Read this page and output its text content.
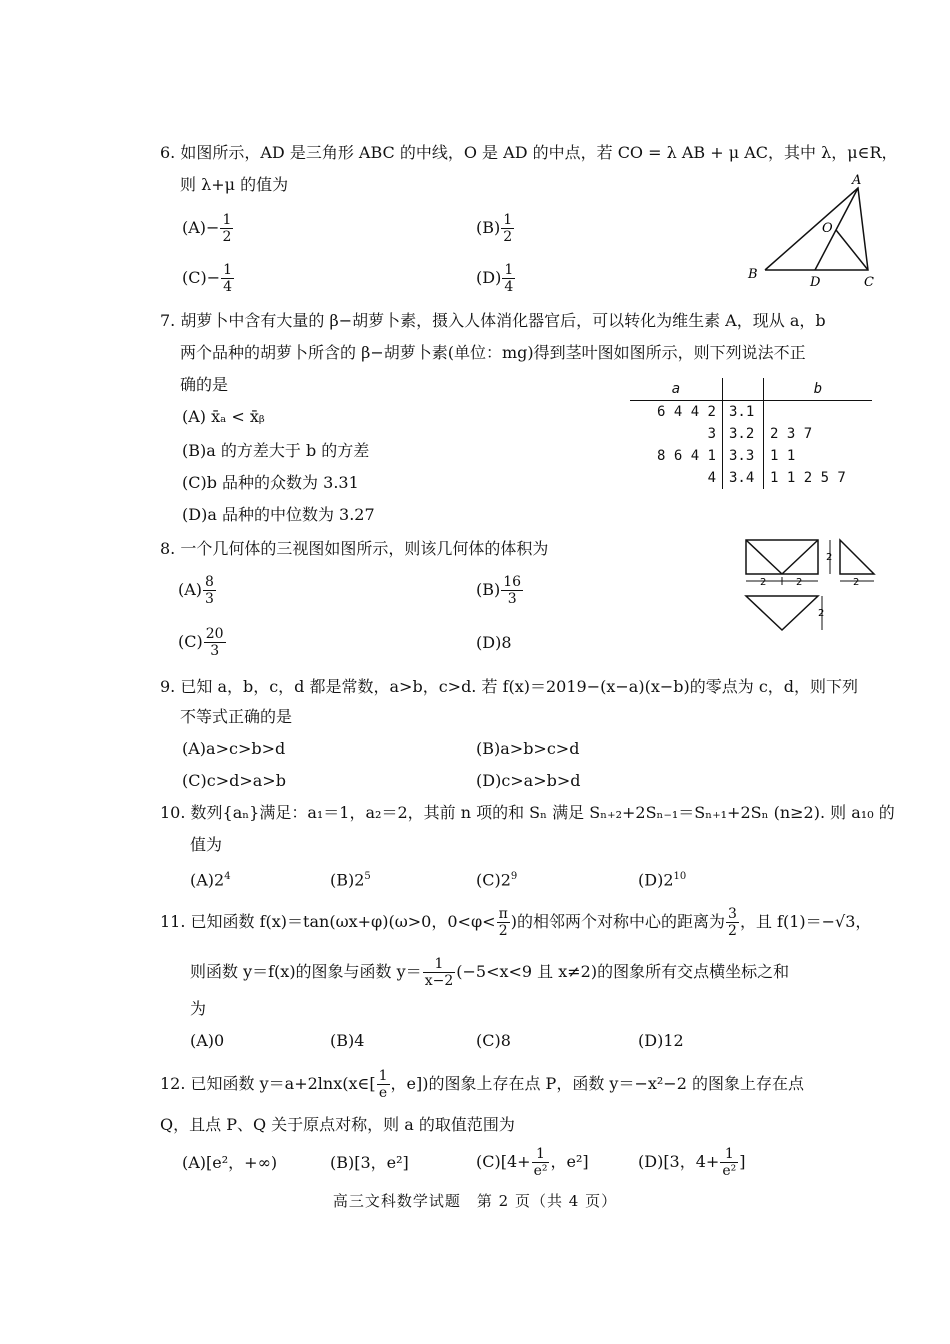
6. 如图所示，AD 是三角形 ABC 的中线，O 是 AD 的中点，若 CO = λ AB + μ AC，其中 λ，μ∈R，
则 λ+μ 的值为
$(A)- \frac{1}{2}$	$(B) \frac{1}{2}$
$(C)- \frac{1}{4}$	$(D) \frac{1}{4}$
A
O
B
D	C
7. 胡萝卜中含有大量的 β−胡萝卜素，摄入人体消化器官后，可以转化为维生素 A，现从 a，b
两个品种的胡萝卜所含的 β−胡萝卜素(单位：mg)得到茎叶图如图所示，则下列说法不正
确的是
(A) x̄ₐ < x̄ᵦ
(B)a 的方差大于 b 的方差
(C)b 品种的众数为 3.31
(D)a 品种的中位数为 3.27
a		b
6 4 4 2	3.1	
3	3.2	2 3 7
8 6 4 1	3.3	1 1
4	3.4	1 1 2 5 7
8. 一个几何体的三视图如图所示，则该几何体的体积为
$(A) \frac{8}{3}$	$(B) \frac{16}{3}$
$(C) \frac{20}{3}$	(D)8
2	2	2
2
2
9. 已知 a，b，c，d 都是常数，a>b，c>d. 若 f(x)＝2019−(x−a)(x−b)的零点为 c，d，则下列
不等式正确的是
(A)a>c>b>d	(B)a>b>c>d
(C)c>d>a>b	(D)c>a>b>d
10. 数列{aₙ}满足：a₁＝1，a₂＝2，其前 n 项的和 Sₙ 满足 Sₙ₊₂+2Sₙ₋₁＝Sₙ₊₁+2Sₙ (n≥2). 则 a₁₀ 的
值为
$(A)2^4$	$(B)2^5$	$(C)2^9$	$(D)2^{10}$
11. 已知函数 f(x)＝tan(ωx+φ)(ω>0，$0<\varphi< \frac{\pi}{2}$ )的相邻两个对称中心的距离为 $\frac{3}{2}$ ，且 f(1)＝−√3，
则函数 y＝f(x)的图象与函数 $y= \frac{1}{x-2} (-5<x<9$ 且 x≠2)的图象所有交点横坐标之和
为
(A)0	(B)4	(C)8	(D)12
12. 已知函数 y＝a+2lnx(x∈[ $\frac{1}{e}$ ，e])的图象上存在点 P，函数 y＝−x²−2 的图象上存在点
Q，且点 P、Q 关于原点对称，则 a 的取值范围为
(A)[e²，+∞)	(B)[3，e²]	$(C)[4+ \frac{1}{\text{e²}}$ ，e²]	(D)[3，$4+ \frac{1}{\text{e²}}$ ]
高三文科数学试题　第 2 页（共 4 页）
